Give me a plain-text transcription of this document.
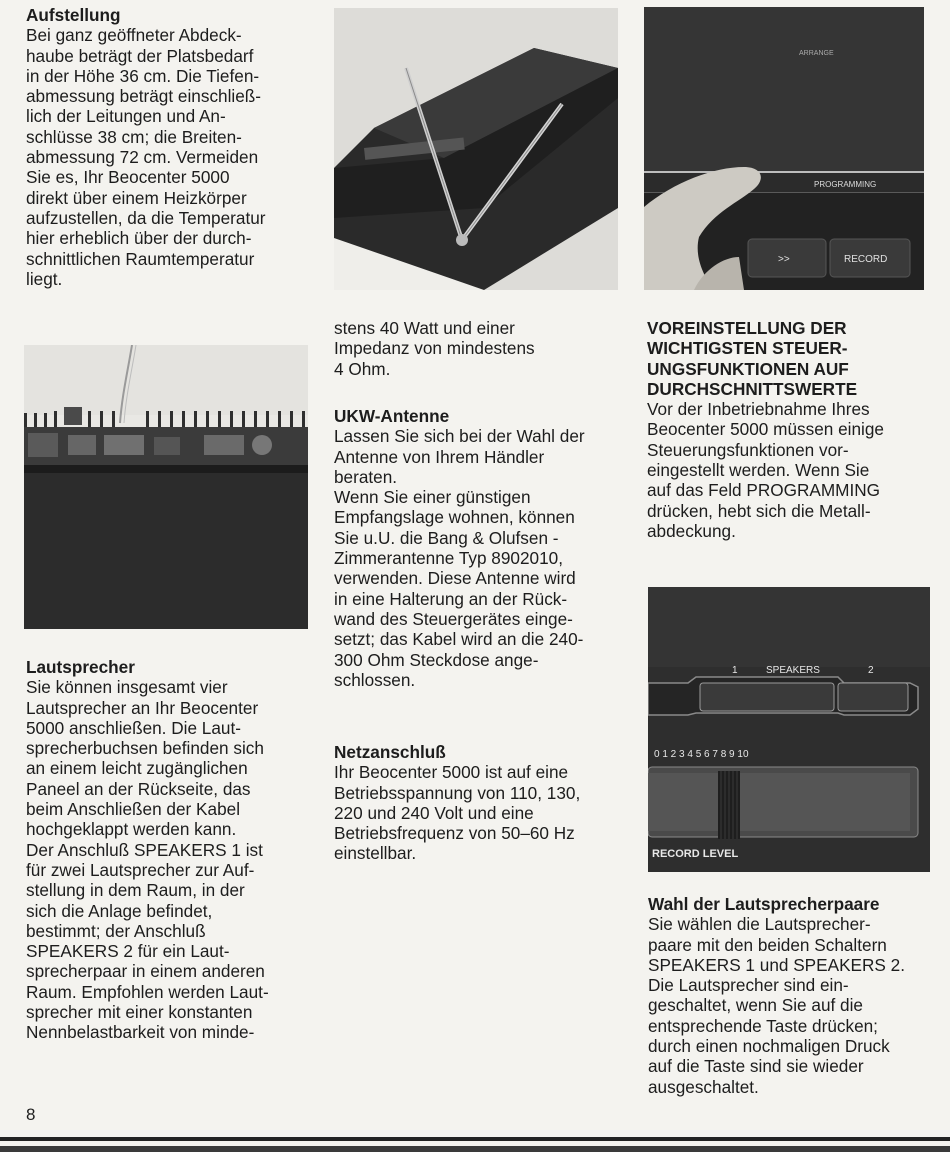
Aufstellung

Bei ganz geöffneter Abdeck-
haube beträgt der Platsbedarf
in der Höhe 36 cm. Die Tiefen-
abmessung beträgt einschließ-
lich der Leitungen und An-
schlüsse 38 cm; die Breiten-
abmessung 72 cm. Vermeiden
Sie es, Ihr Beocenter 5000
direkt über einem Heizkörper
aufzustellen, da die Temperatur
hier erheblich über der durch-
schnittlichen Raumtemperatur
liegt.

Lautsprecher

Sie können insgesamt vier
Lautsprecher an Ihr Beocenter
5000 anschließen. Die Laut-
sprecherbuchsen befinden sich
an einem leicht zugänglichen
Paneel an der Rückseite, das
beim Anschließen der Kabel
hochgeklappt werden kann.
Der Anschluß SPEAKERS 1 ist
für zwei Lautsprecher zur Auf-
stellung in dem Raum, in der
sich die Anlage befindet,
bestimmt; der Anschluß
SPEAKERS 2 für ein Laut-
sprecherpaar in einem anderen
Raum. Empfohlen werden Laut-
sprecher mit einer konstanten
Nennbelastbarkeit von minde-

stens 40 Watt und einer
Impedanz von mindestens
4 Ohm.

UKW-Antenne

Lassen Sie sich bei der Wahl der
Antenne von Ihrem Händler
beraten.
Wenn Sie einer günstigen
Empfangslage wohnen, können
Sie u.U. die Bang & Olufsen -
Zimmerantenne Typ 8902010,
verwenden. Diese Antenne wird
in eine Halterung an der Rück-
wand des Steuergerätes einge-
setzt; das Kabel wird an die 240-
300 Ohm Steckdose ange-
schlossen.

Netzanschluß

Ihr Beocenter 5000 ist auf eine
Betriebsspannung von 110, 130,
220 und 240 Volt und eine
Betriebsfrequenz von 50–60 Hz
einstellbar.

ARRANGE
PROGRAMMING
>>	RECORD
VOREINSTELLUNG DER
WICHTIGSTEN STEUER-
UNGSFUNKTIONEN AUF
DURCHSCHNITTSWERTE

Vor der Inbetriebnahme Ihres
Beocenter 5000 müssen einige
Steuerungsfunktionen vor-
eingestellt werden. Wenn Sie
auf das Feld PROGRAMMING
drücken, hebt sich die Metall-
abdeckung.

1	SPEAKERS	2
0 1 2 3 4 5 6 7 8 9 10
RECORD LEVEL
Wahl der Lautsprecherpaare

Sie wählen die Lautsprecher-
paare mit den beiden Schaltern
SPEAKERS 1 und SPEAKERS 2.
Die Lautsprecher sind ein-
geschaltet, wenn Sie auf die
entsprechende Taste drücken;
durch einen nochmaligen Druck
auf die Taste sind sie wieder
ausgeschaltet.

8
